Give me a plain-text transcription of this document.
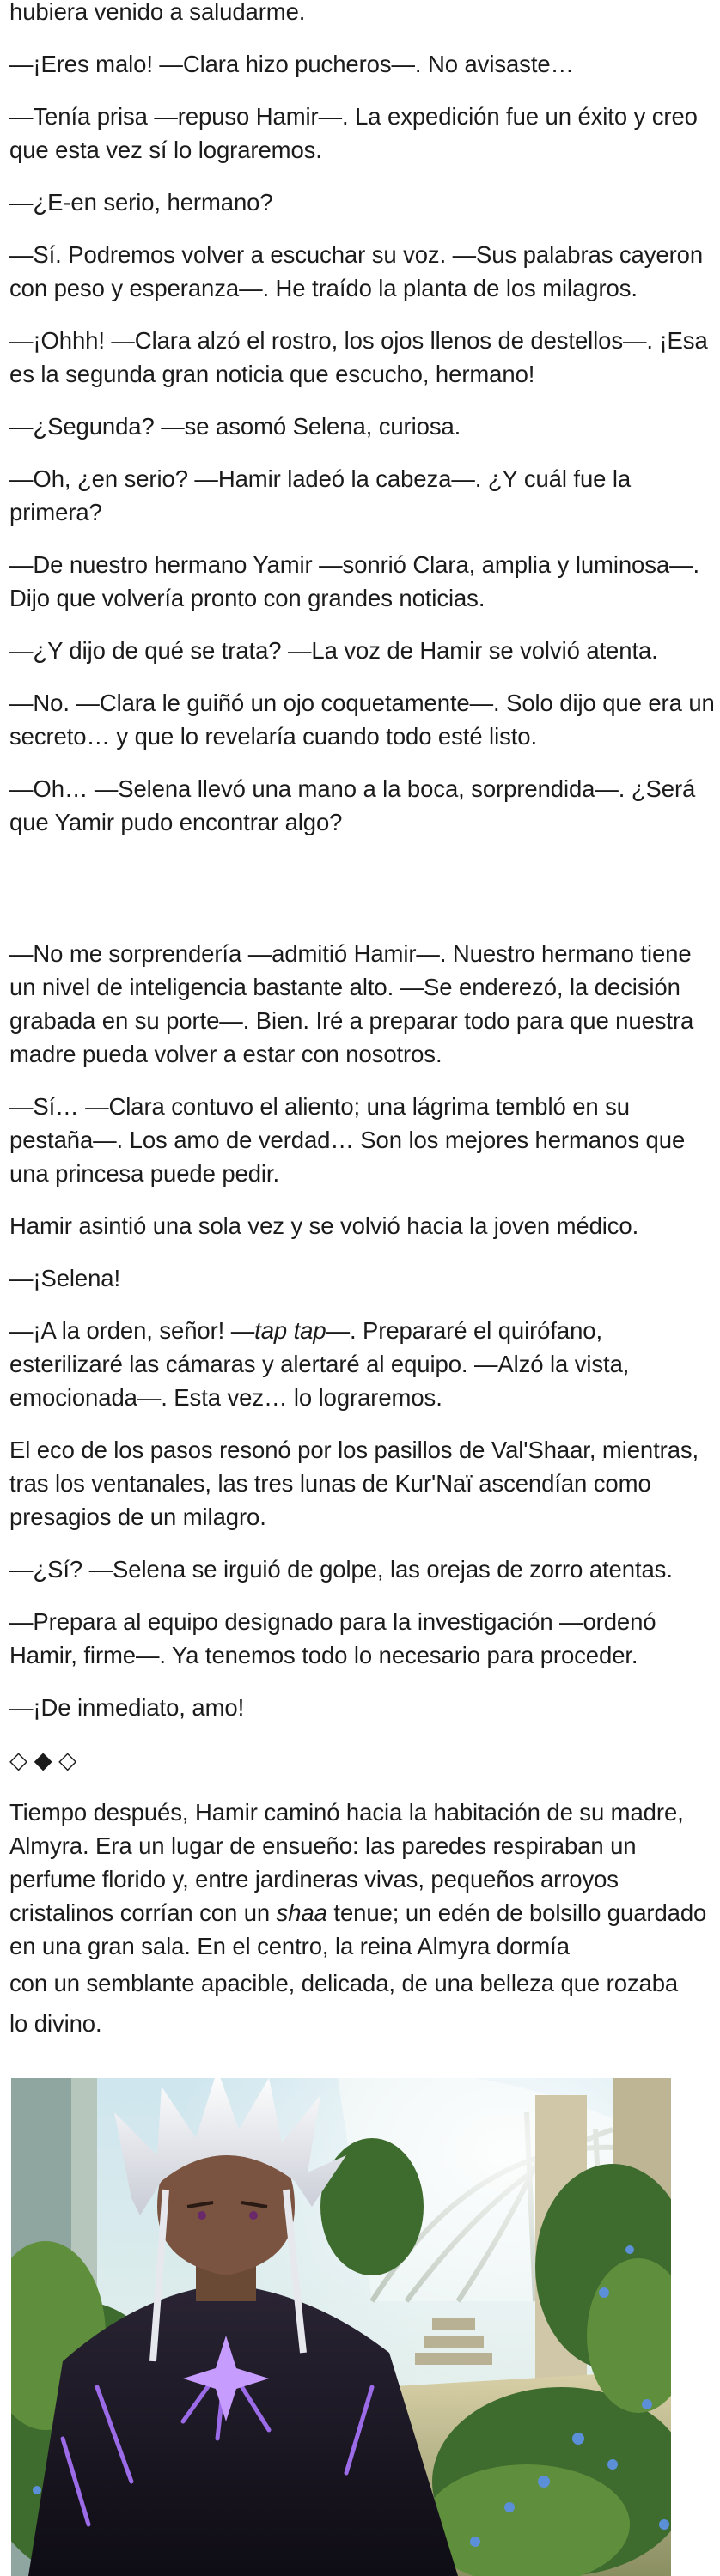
hubiera venido a saludarme.

—¡Eres malo! —Clara hizo pucheros—. No avisaste…

—Tenía prisa —repuso Hamir—. La expedición fue un éxito y creo que esta vez sí lo lograremos.

—¿E-en serio, hermano?

—Sí. Podremos volver a escuchar su voz. —Sus palabras cayeron con peso y esperanza—. He traído la planta de los milagros.

—¡Ohhh! —Clara alzó el rostro, los ojos llenos de destellos—. ¡Esa es la segunda gran noticia que escucho, hermano!

—¿Segunda? —se asomó Selena, curiosa.

—Oh, ¿en serio? —Hamir ladeó la cabeza—. ¿Y cuál fue la primera?

—De nuestro hermano Yamir —sonrió Clara, amplia y luminosa—. Dijo que volvería pronto con grandes noticias.

—¿Y dijo de qué se trata? —La voz de Hamir se volvió atenta.

—No. —Clara le guiñó un ojo coquetamente—. Solo dijo que era un secreto… y que lo revelaría cuando todo esté listo.

—Oh… —Selena llevó una mano a la boca, sorprendida—. ¿Será que Yamir pudo encontrar algo?

—No me sorprendería —admitió Hamir—. Nuestro hermano tiene un nivel de inteligencia bastante alto. —Se enderezó, la decisión grabada en su porte—. Bien. Iré a preparar todo para que nuestra madre pueda volver a estar con nosotros.

—Sí… —Clara contuvo el aliento; una lágrima tembló en su pestaña—. Los amo de verdad… Son los mejores hermanos que una princesa puede pedir.

Hamir asintió una sola vez y se volvió hacia la joven médico.

—¡Selena!

—¡A la orden, señor! —tap tap—. Prepararé el quirófano, esterilizaré las cámaras y alertaré al equipo. —Alzó la vista, emocionada—. Esta vez… lo lograremos.

El eco de los pasos resonó por los pasillos de Val'Shaar, mientras, tras los ventanales, las tres lunas de Kur'Naï ascendían como presagios de un milagro.

—¿Sí? —Selena se irguió de golpe, las orejas de zorro atentas.

—Prepara al equipo designado para la investigación —ordenó Hamir, firme—. Ya tenemos todo lo necesario para proceder.

—¡De inmediato, amo!

◇ ◆ ◇

Tiempo después, Hamir caminó hacia la habitación de su madre, Almyra. Era un lugar de ensueño: las paredes respiraban un perfume florido y, entre jardineras vivas, pequeños arroyos cristalinos corrían con un shaa tenue; un edén de bolsillo guardado en una gran sala. En el centro, la reina Almyra dormía

con un semblante apacible, delicada, de una belleza que rozaba

lo divino.
